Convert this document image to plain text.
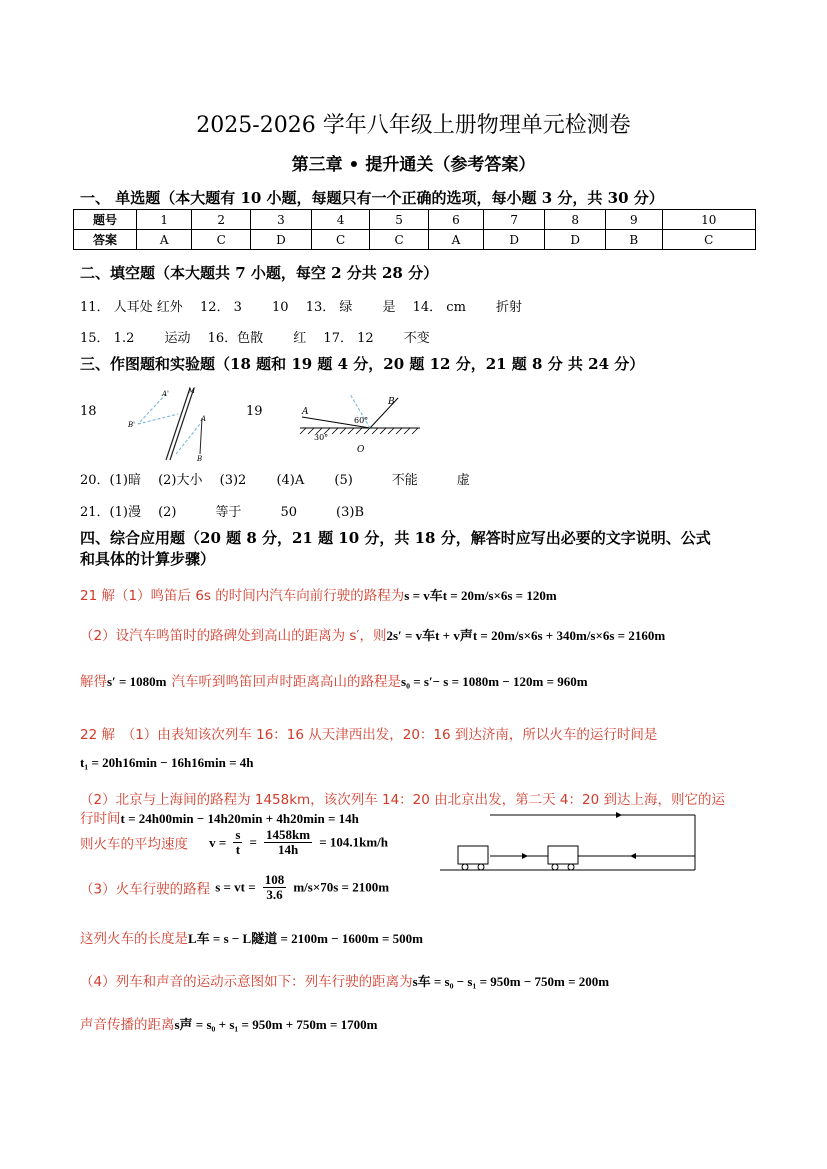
2025-2026 学年八年级上册物理单元检测卷
第三章 • 提升通关（参考答案）
一、 单选题（本大题有 10 小题，每题只有一个正确的选项，每小题 3 分，共 30 分）
题号	1	2	3	4	5	6	7	8	9	10
答案	A	C	D	C	C	A	D	D	B	C
二、填空题（本大题共 7 小题，每空 2 分共 28 分）
11． 人耳处 红外　 12． 3　　 10　 13． 绿　　 是　 14． cm　　 折射
15． 1.2　　 运动　 16．色散　　 红　 17． 12　　 不变
三、作图题和实验题（18 题和 19 题 4 分，20 题 12 分，21 题 8 分 共 24 分）
18
M
A
B
A'
B'
19	A
B
O
30°
60°
20．(1)暗　 (2)大小　 (3)2　　 (4)A　　 (5)　　　不能　　　虚
21．(1)漫　 (2)　　　等于　　　50　　　(3)B
四、综合应用题（20 题 8 分，21 题 10 分，共 18 分，解答时应写出必要的文字说明、公式
和具体的计算步骤）
21 解（1）鸣笛后 6s 的时间内汽车向前行驶的路程为s = v车t = 20m/s×6s = 120m
（2）设汽车鸣笛时的路碑处到高山的距离为 s′，则2s′ = v车t + v声t = 20m/s×6s + 340m/s×6s = 2160m
解得s′ = 1080m 汽车听到鸣笛回声时距离高山的路程是s₀ = s′− s = 1080m − 120m = 960m
22 解　（1）由表知该次列车 16：16 从天津西出发，20：16 到达济南，所以火车的运行时间是
t₁ = 20h16min − 16h16min = 4h
（2）北京与上海间的路程为 1458km，该次列车 14：20 由北京出发，第二天 4：20 到达上海，则它的运
行时间t = 24h00min − 14h20min + 4h20min = 14h
则火车的平均速度 $v = \frac{s}{t} = \frac{1458km}{14h} = 104.1km/h$
（3）火车行驶的路程 s = vt = $\frac{108}{3.6} m/s\times 70s = 2100m$
这列火车的长度是L车 = s − L隧道 = 2100m − 1600m = 500m
（4）列车和声音的运动示意图如下：列车行驶的距离为s车 = s₀ − s₁ = 950m − 750m = 200m
声音传播的距离s声 = s₀ + s₁ = 950m + 750m = 1700m
